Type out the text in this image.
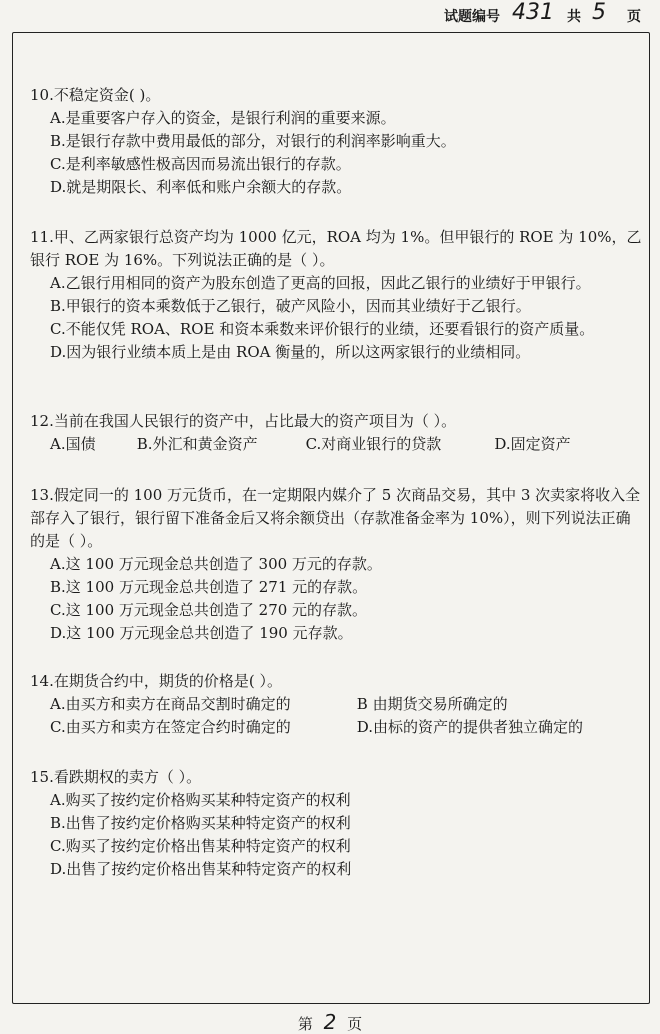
试题编号 431 共 5 页
10.不稳定资金( )。
A.是重要客户存入的资金，是银行利润的重要来源。
B.是银行存款中费用最低的部分，对银行的利润率影响重大。
C.是利率敏感性极高因而易流出银行的存款。
D.就是期限长、利率低和账户余额大的存款。
11.甲、乙两家银行总资产均为 1000 亿元，ROA 均为 1%。但甲银行的 ROE 为 10%，乙银行 ROE 为 16%。下列说法正确的是（ ）。
A.乙银行用相同的资产为股东创造了更高的回报，因此乙银行的业绩好于甲银行。
B.甲银行的资本乘数低于乙银行，破产风险小，因而其业绩好于乙银行。
C.不能仅凭 ROA、ROE 和资本乘数来评价银行的业绩，还要看银行的资产质量。
D.因为银行业绩本质上是由 ROA 衡量的，所以这两家银行的业绩相同。
12.当前在我国人民银行的资产中，占比最大的资产项目为（ ）。
A.国债	B.外汇和黄金资产	C.对商业银行的贷款	D.固定资产
13.假定同一的 100 万元货币，在一定期限内媒介了 5 次商品交易，其中 3 次卖家将收入全部存入了银行，银行留下准备金后又将余额贷出（存款准备金率为 10%），则下列说法正确的是（ ）。
A.这 100 万元现金总共创造了 300 万元的存款。
B.这 100 万元现金总共创造了 271 元的存款。
C.这 100 万元现金总共创造了 270 元的存款。
D.这 100 万元现金总共创造了 190 元存款。
14.在期货合约中，期货的价格是( ）。
A.由买方和卖方在商品交割时确定的	B 由期货交易所确定的
C.由买方和卖方在签定合约时确定的	D.由标的资产的提供者独立确定的
15.看跌期权的卖方（ ）。
A.购买了按约定价格购买某种特定资产的权利
B.出售了按约定价格购买某种特定资产的权利
C.购买了按约定价格出售某种特定资产的权利
D.出售了按约定价格出售某种特定资产的权利
第 2 页
